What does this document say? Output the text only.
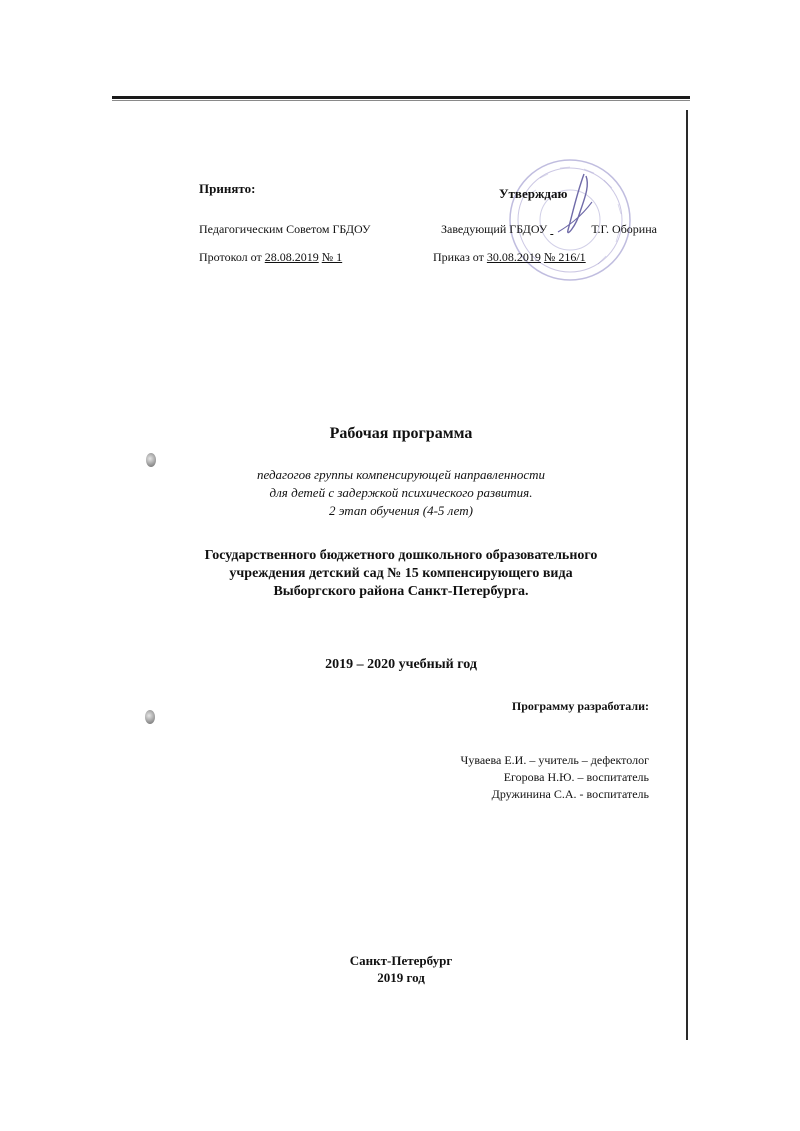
Принято:
Педагогическим Советом ГБДОУ
Протокол от 28.08.2019 № 1
Утверждаю
Заведующий ГБДОУ	Т.Г. Оборина
Приказ от 30.08.2019 № 216/1
Рабочая программа
педагогов группы компенсирующей направленности
для детей с задержкой психического развития.
2 этап обучения (4-5 лет)
Государственного бюджетного дошкольного образовательного
учреждения детский сад № 15 компенсирующего вида
Выборгского района Санкт-Петербурга.
2019 – 2020 учебный год
Программу разработали:
Чуваева Е.И. – учитель – дефектолог
Егорова Н.Ю. – воспитатель
Дружинина С.А. - воспитатель
Санкт-Петербург
2019 год
